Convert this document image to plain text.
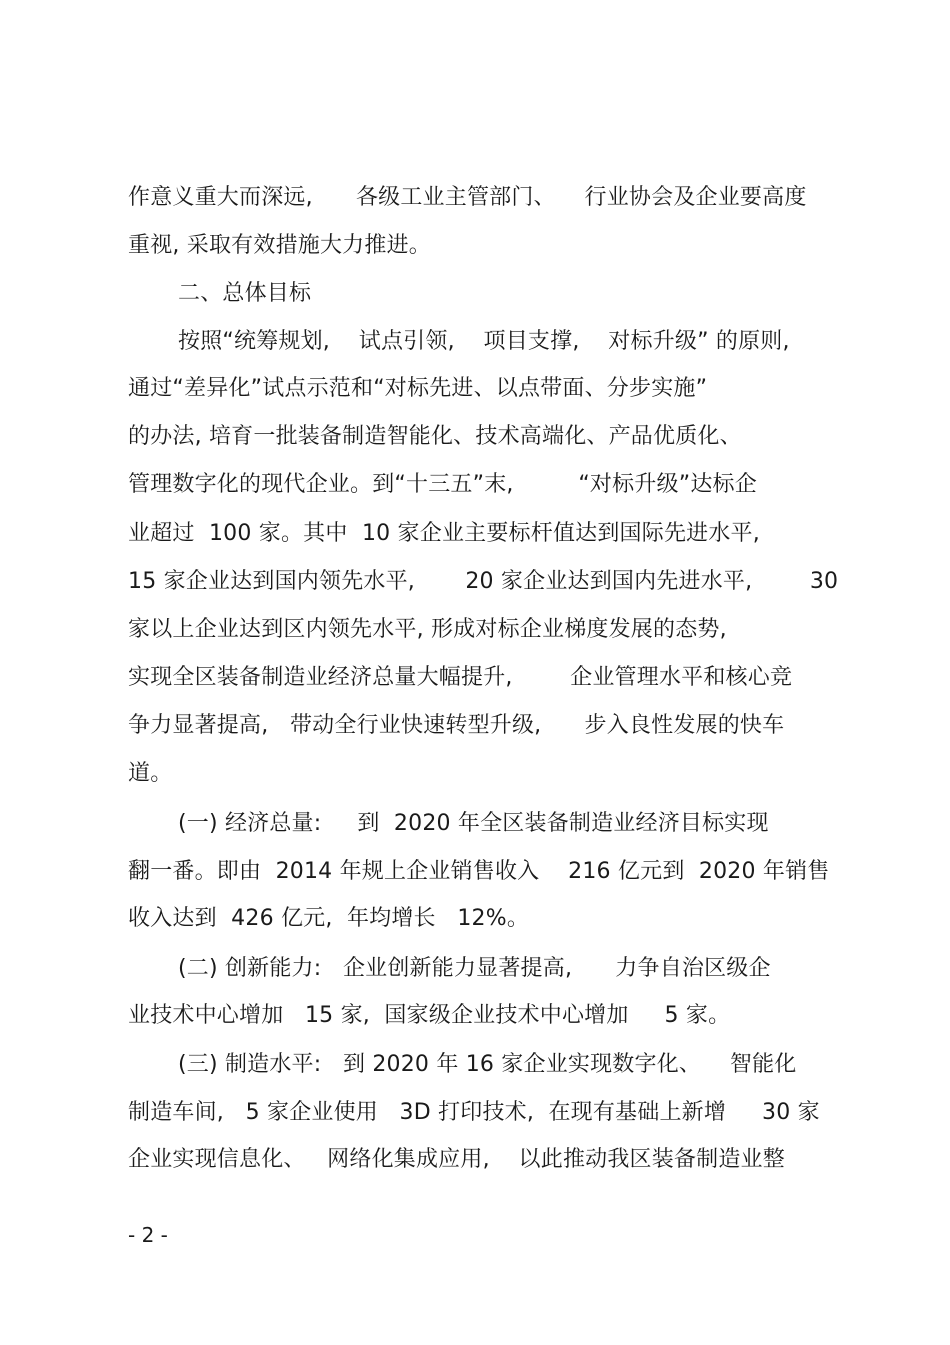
作意义重大而深远,      各级工业主管部门、    行业协会及企业要高度
重视, 采取有效措施大力推进。
二、总体目标
按照“统筹规划,    试点引领,    项目支撑,    对标升级” 的原则,
通过“差异化”试点示范和“对标先进、以点带面、分步实施”
的办法, 培育一批装备制造智能化、技术高端化、产品优质化、
管理数字化的现代企业。到“十三五”末,         “对标升级”达标企
业超过  100 家。其中  10 家企业主要标杆值达到国际先进水平,
15 家企业达到国内领先水平,       20 家企业达到国内先进水平,        30
家以上企业达到区内领先水平, 形成对标企业梯度发展的态势,
实现全区装备制造业经济总量大幅提升,        企业管理水平和核心竞
争力显著提高,   带动全行业快速转型升级,      步入良性发展的快车
道。
(一) 经济总量:     到  2020 年全区装备制造业经济目标实现
翻一番。即由  2014 年规上企业销售收入    216 亿元到  2020 年销售
收入达到  426 亿元,  年均增长   12%。
(二) 创新能力:   企业创新能力显著提高,      力争自治区级企
业技术中心增加   15 家,  国家级企业技术中心增加     5 家。
(三) 制造水平:   到 2020 年 16 家企业实现数字化、    智能化
制造车间,   5 家企业使用   3D 打印技术,  在现有基础上新增     30 家
企业实现信息化、   网络化集成应用,    以此推动我区装备制造业整
- 2 -
